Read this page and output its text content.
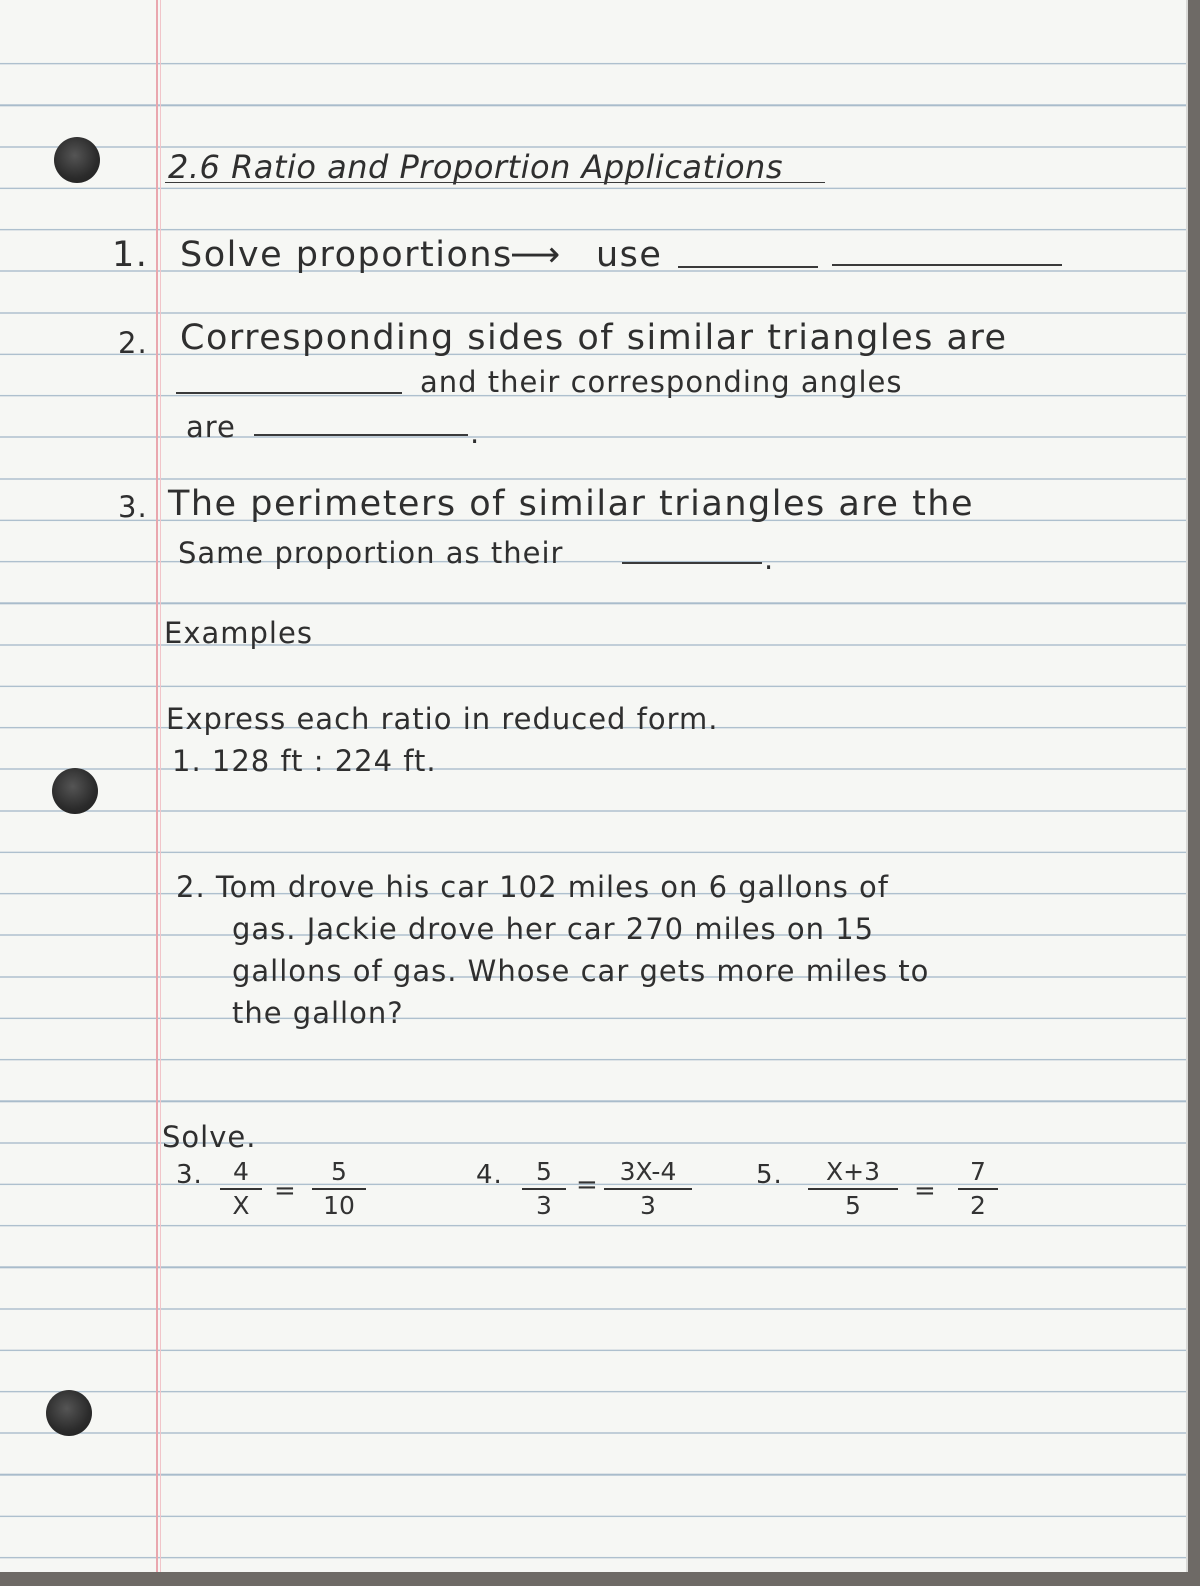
2.6 Ratio and Proportion Applications
1. Solve proportions
⟶ use
2. Corresponding sides of similar triangles are
and their corresponding angles
are	.
3. The perimeters of similar triangles are the
Same proportion as their	.
Examples
Express each ratio in reduced form.
1. 128 ft : 224 ft.
2. Tom drove his car 102 miles on 6 gallons of
gas. Jackie drove her car 270 miles on 15
gallons of gas. Whose car gets more miles to
the gallon?
Solve.
3.	4
X =
5
10
4.	5
3
= 3X-4
3
5.	X+3
5	=
7
2
